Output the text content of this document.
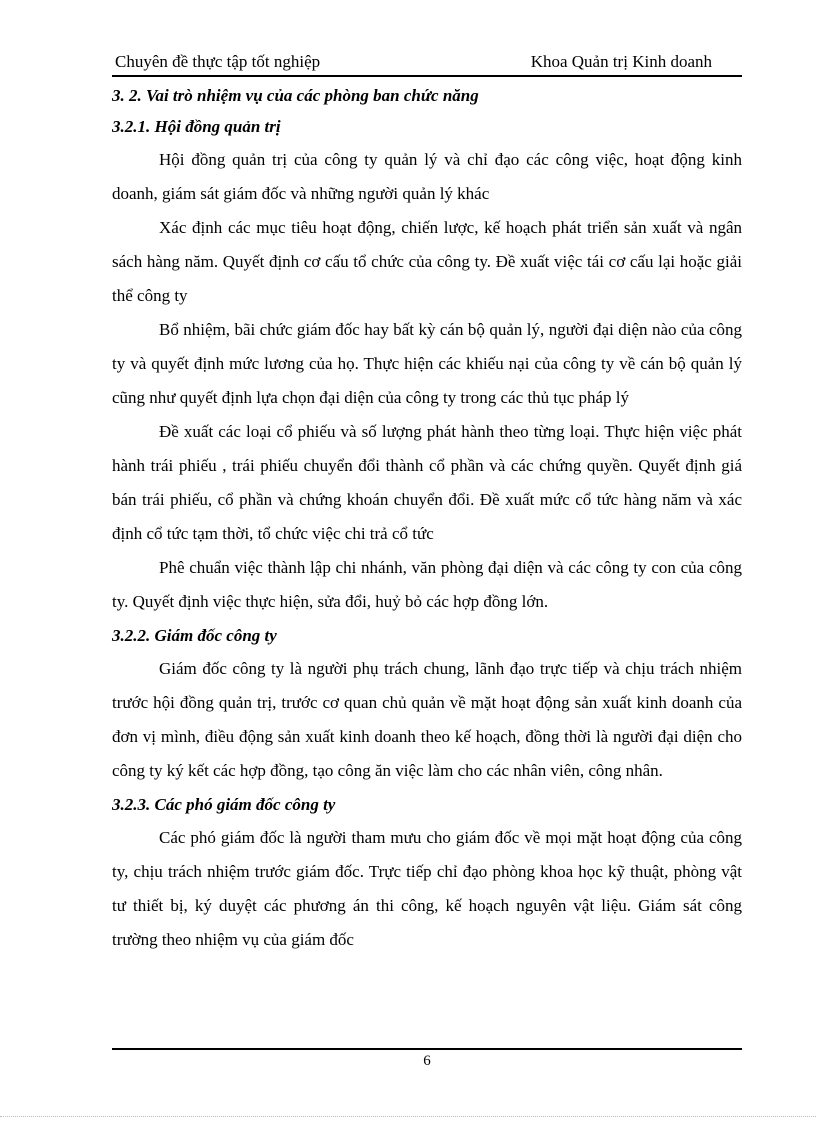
Chuyên đề thực tập tốt nghiệp	Khoa Quản trị Kinh doanh
3. 2. Vai trò nhiệm vụ của các phòng ban chức năng
3.2.1. Hội đồng quản trị

Hội đồng quản trị của công ty quản lý và chỉ đạo các công việc, hoạt động kinh doanh, giám sát giám đốc và những người quản lý khác

Xác định các mục tiêu hoạt động, chiến lược, kế hoạch phát triển sản xuất và ngân sách hàng năm. Quyết định cơ cấu tổ chức của công ty. Đề xuất việc tái cơ cấu lại hoặc giải thể công ty

Bổ nhiệm, bãi chức giám đốc hay bất kỳ cán bộ quản lý, người đại diện nào của công ty và quyết định mức lương của họ. Thực hiện các khiếu nại của công ty về cán bộ quản lý cũng như quyết định lựa chọn đại diện của công ty trong các thủ tục pháp lý

Đề xuất các loại cổ phiếu và số lượng phát hành theo từng loại. Thực hiện việc phát hành trái phiếu , trái phiếu chuyển đổi thành cổ phần và các chứng quyền. Quyết định giá bán trái phiếu, cổ phần và chứng khoán chuyển đổi. Đề xuất mức cổ tức hàng năm và xác định cổ tức tạm thời, tổ chức việc chi trả cổ tức

Phê chuẩn việc thành lập chi nhánh, văn phòng đại diện và các công ty con của công ty. Quyết định việc thực hiện, sửa đổi, huỷ bỏ các hợp đồng lớn.

3.2.2. Giám đốc công ty

Giám đốc công ty là người phụ trách chung, lãnh đạo trực tiếp và chịu trách nhiệm trước hội đồng quản trị, trước cơ quan chủ quản về mặt hoạt động sản xuất kinh doanh của đơn vị mình, điều động sản xuất kinh doanh theo kế hoạch, đồng thời là người đại diện cho công ty ký kết các hợp đồng, tạo công ăn việc làm cho các nhân viên, công nhân.

3.2.3. Các phó giám đốc công ty

Các phó giám đốc là người tham mưu cho giám đốc về mọi mặt hoạt động của công ty, chịu trách nhiệm trước giám đốc. Trực tiếp chỉ đạo phòng khoa học kỹ thuật, phòng vật tư thiết bị, ký duyệt các phương án thi công, kế hoạch nguyên vật liệu. Giám sát công trường theo nhiệm vụ của giám đốc

6
